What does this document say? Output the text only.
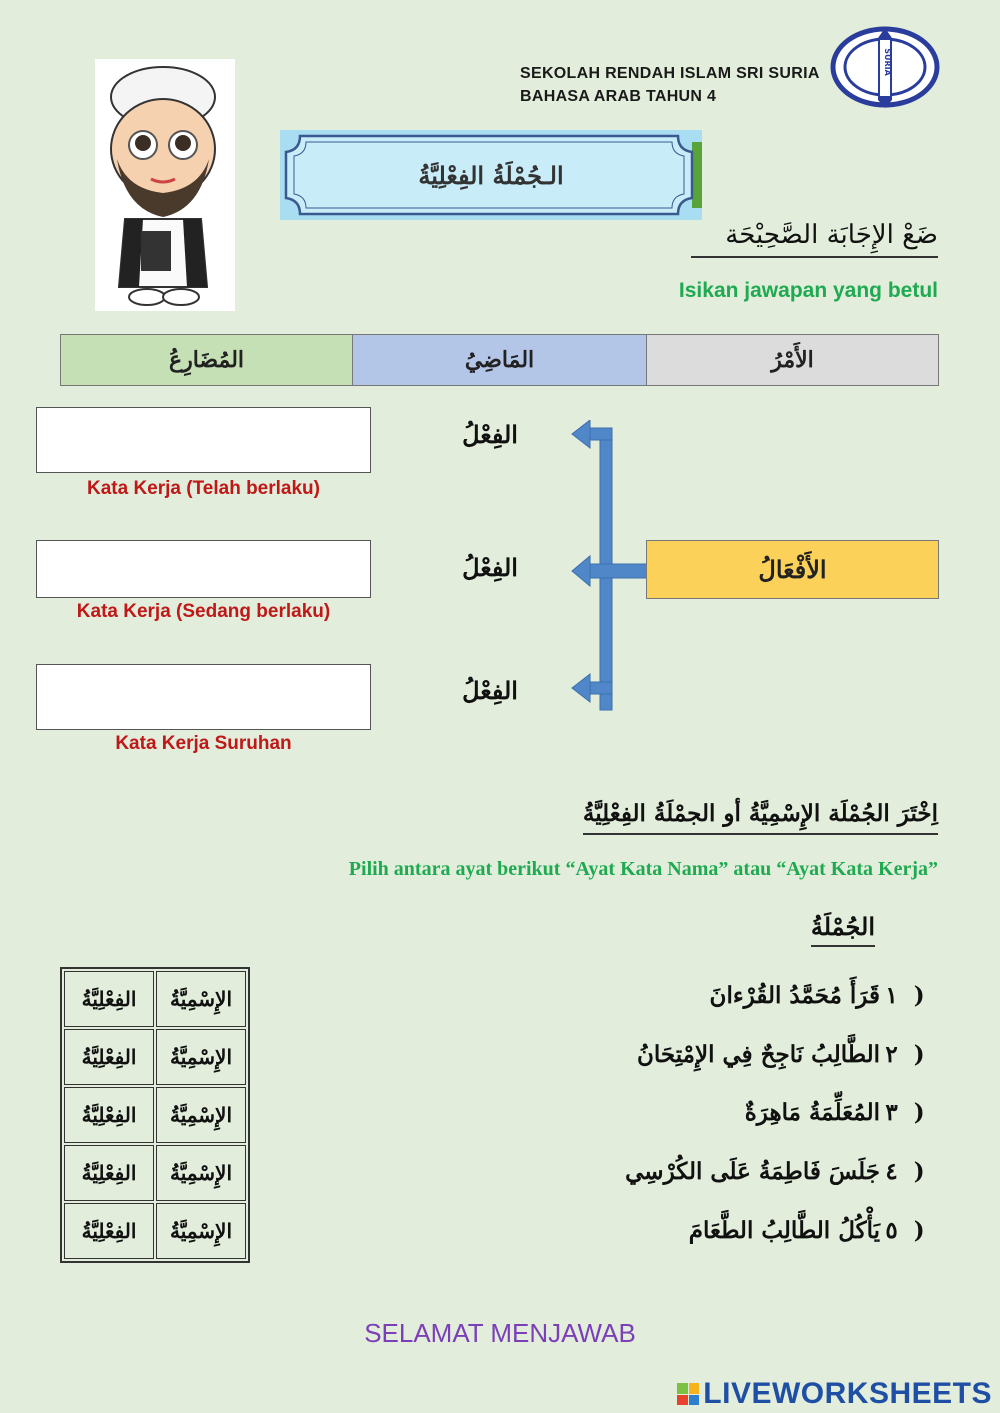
SEKOLAH RENDAH ISLAM SRI SURIA
BAHASA ARAB TAHUN 4
SURIA
الـجُمْلَةُ الفِعْلِيَّةُ
ضَعْ الإِجَابَة الصَّحِيْحَة
Isikan jawapan yang betul
الأَمْرُ
المَاضِيُ
المُضَارِعُ
الأَفْعَالُ
Kata Kerja (Telah berlaku)
الفِعْلُ
Kata Kerja (Sedang berlaku)
الفِعْلُ
Kata Kerja Suruhan
الفِعْلُ
اِخْتَرَ الجُمْلَة الإِسْمِيَّةُ أو الجمْلَةُ الفِعْلِيَّةُ
Pilih antara ayat berikut “Ayat Kata Nama” atau “Ayat Kata Kerja”
الجُمْلَةُ
(١
قَرَأَ مُحَمَّدُ القُرْءانَ
(٢
الطَّالِبُ نَاجِحٌ فِي الإِمْتِحَانُ
(٣
المُعَلِّمَةُ مَاهِرَةٌ
(٤
جَلَسَ فَاطِمَةُ عَلَى الكُرْسِي
(٥
يَأْكُلُ الطَّالِبُ الطَّعَامَ
الفِعْلِيَّةُ	الإِسْمِيَّةُ
الفِعْلِيَّةُ	الإِسْمِيَّةُ
الفِعْلِيَّةُ	الإِسْمِيَّةُ
الفِعْلِيَّةُ	الإِسْمِيَّةُ
الفِعْلِيَّةُ	الإِسْمِيَّةُ
SELAMAT MENJAWAB
LIVEWORKSHEETS
